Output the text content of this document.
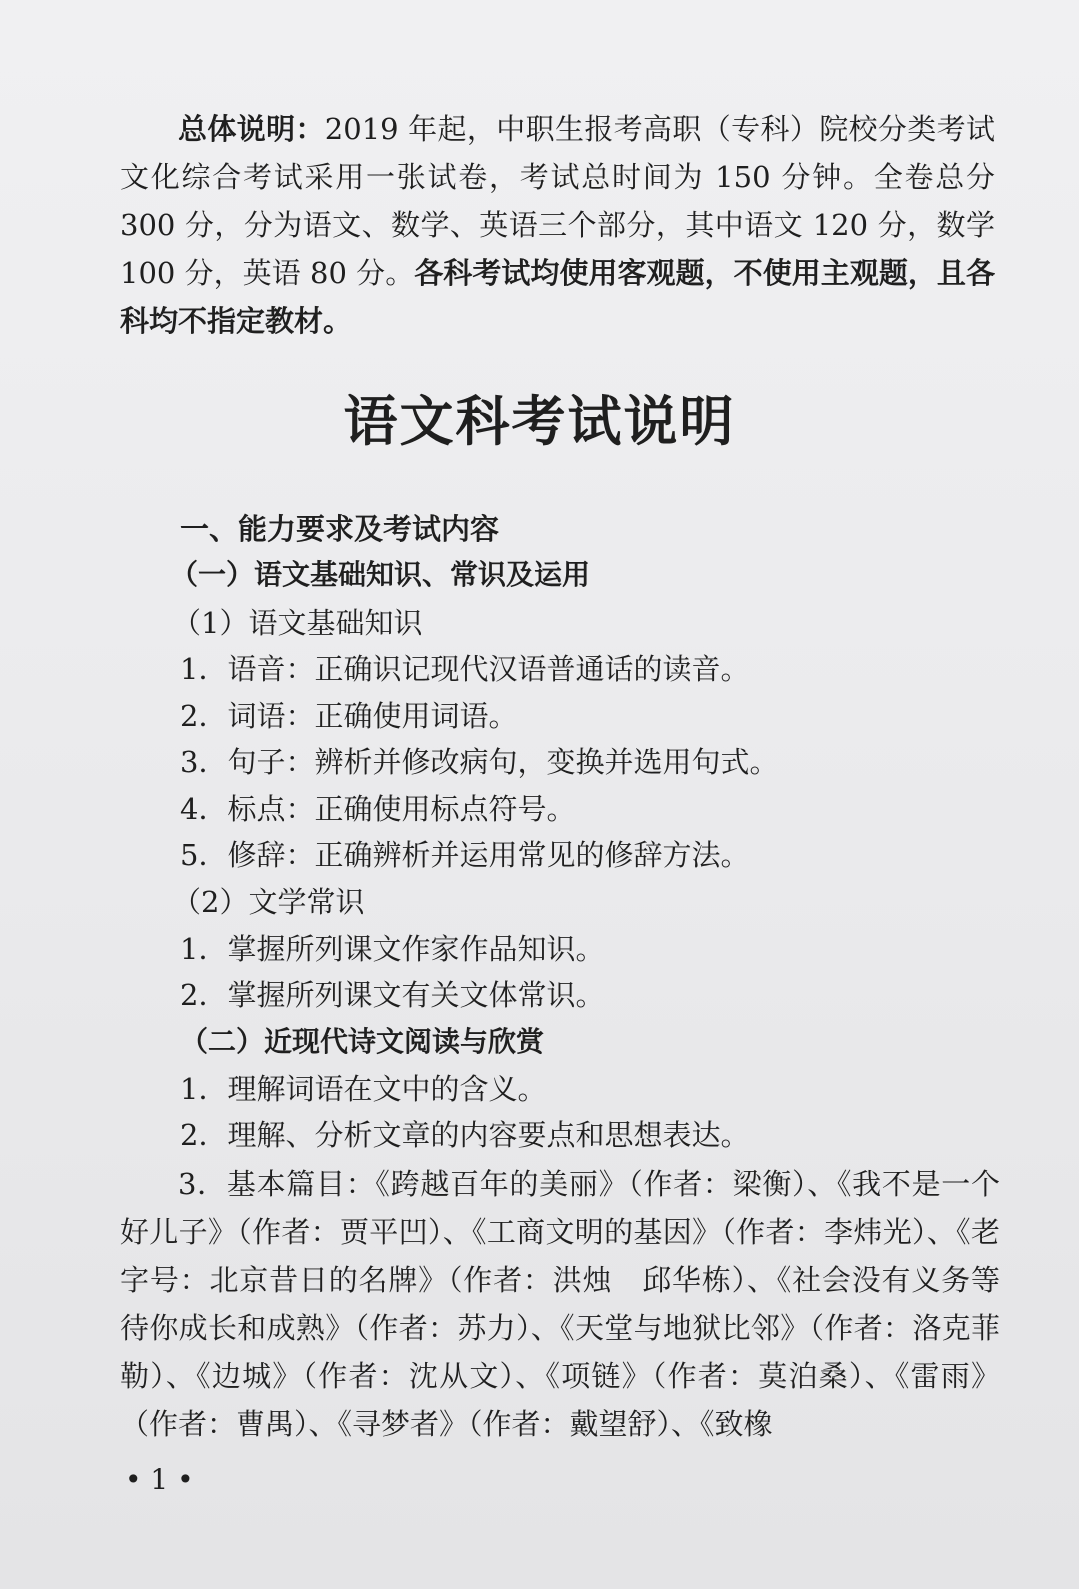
总体说明：2019 年起，中职生报考高职（专科）院校分类考试文化综合考试采用一张试卷，考试总时间为 150 分钟。全卷总分 300 分，分为语文、数学、英语三个部分，其中语文 120 分，数学 100 分，英语 80 分。各科考试均使用客观题，不使用主观题，且各科均不指定教材。

语文科考试说明

一、能力要求及考试内容

（一）语文基础知识、常识及运用

（1）语文基础知识

1．语音：正确识记现代汉语普通话的读音。

2．词语：正确使用词语。

3．句子：辨析并修改病句，变换并选用句式。

4．标点：正确使用标点符号。

5．修辞：正确辨析并运用常见的修辞方法。

（2）文学常识

1．掌握所列课文作家作品知识。

2．掌握所列课文有关文体常识。

（二）近现代诗文阅读与欣赏

1．理解词语在文中的含义。

2．理解、分析文章的内容要点和思想表达。

3．基本篇目：《跨越百年的美丽》（作者：梁衡）、《我不是一个好儿子》（作者：贾平凹）、《工商文明的基因》（作者：李炜光）、《老字号：北京昔日的名牌》（作者：洪烛　邱华栋）、《社会没有义务等待你成长和成熟》（作者：苏力）、《天堂与地狱比邻》（作者：洛克菲勒）、《边城》（作者：沈从文）、《项链》（作者：莫泊桑）、《雷雨》（作者：曹禺）、《寻梦者》（作者：戴望舒）、《致橡

• 1 •
